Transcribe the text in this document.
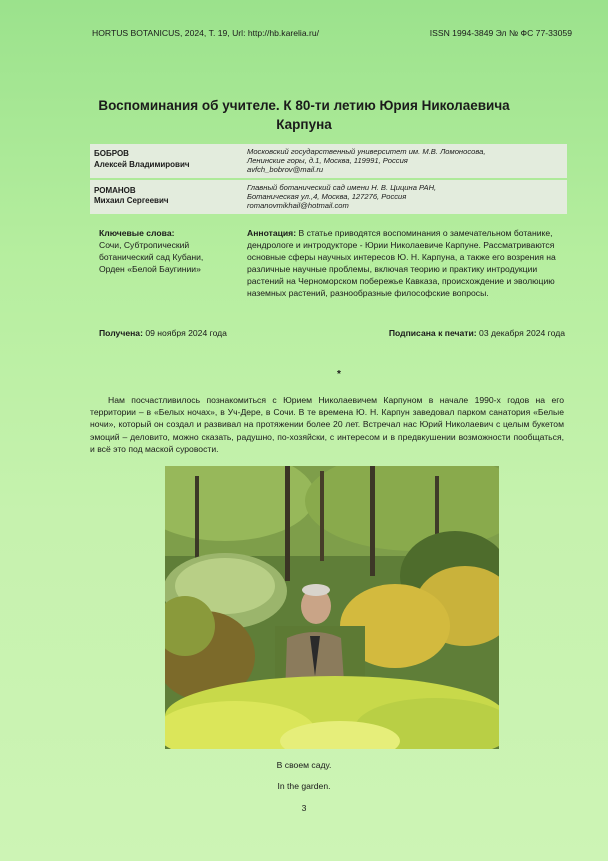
HORTUS BOTANICUS, 2024, Т. 19, Url: http://hb.karelia.ru/	ISSN 1994-3849 Эл № ФС 77-33059
Воспоминания об учителе. К 80-ти летию Юрия Николаевича Карпуна
БОБРОВ
Алексей Владимирович
Московский государственный университет им. М.В. Ломоносова,
Ленинские горы, д.1, Москва, 119991, Россия
avfch_bobrov@mail.ru
РОМАНОВ
Михаил Сергеевич
Главный ботанический сад имени Н. В. Цицина РАН,
Ботаническая ул.,4, Москва, 127276, Россия
romanovmikhail@hotmail.com
Ключевые слова:
Сочи, Субтропический ботанический сад Кубани, Орден «Белой Баугинии»
Аннотация: В статье приводятся воспоминания о замечательном ботанике, дендрологе и интродукторе - Юрии Николаевиче Карпуне. Рассматриваются основные сферы научных интересов Ю. Н. Карпуна, а также его возрения на различные научные проблемы, включая теорию и практику интродукции растений на Черноморском побережье Кавказа, происхождение и эволюцию наземных растений, разнообразные философские вопросы.
Получена: 09 ноября 2024 года	Подписана к печати: 03 декабря 2024 года
*
Нам посчастливилось познакомиться с Юрием Николаевичем Карпуном в начале 1990-х годов на его территории – в «Белых ночах», в Уч-Дере, в Сочи. В те времена Ю. Н. Карпун заведовал парком санатория «Белые ночи», который он создал и развивал на протяжении более 20 лет. Встречал нас Юрий Николаевич с целым букетом эмоций – деловито, можно сказать, радушно, по-хозяйски, с интересом и в предвкушении возможности пообщаться, и всё это под маской суровости.
В своем саду.
In the garden.
3
